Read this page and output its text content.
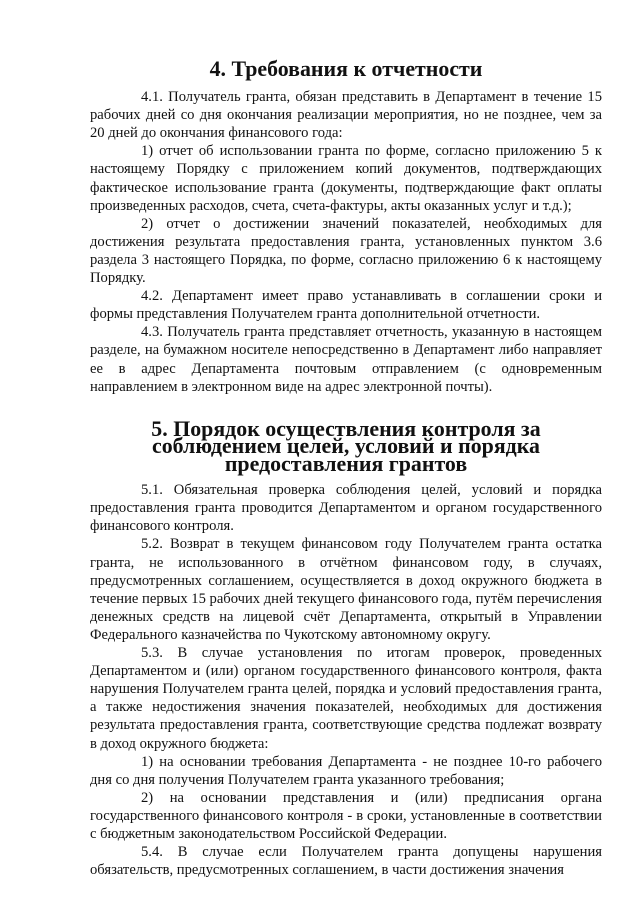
4. Требования к отчетности

4.1. Получатель гранта, обязан представить в Департамент в течение 15 рабочих дней со дня окончания реализации мероприятия, но не позднее, чем за 20 дней до окончания финансового года:

1) отчет об использовании гранта по форме, согласно приложению 5 к настоящему Порядку с приложением копий документов, подтверждающих фактическое использование гранта (документы, подтверждающие факт оплаты произведенных расходов, счета, счета-фактуры, акты оказанных услуг и т.д.);

2) отчет о достижении значений показателей, необходимых для достижения результата предоставления гранта, установленных пунктом 3.6 раздела 3 настоящего Порядка, по форме, согласно приложению 6 к настоящему Порядку.

4.2. Департамент имеет право устанавливать в соглашении сроки и формы представления Получателем гранта дополнительной отчетности.

4.3. Получатель гранта представляет отчетность, указанную в настоящем разделе, на бумажном носителе непосредственно в Департамент либо направляет ее в адрес Департамента почтовым отправлением (с одновременным направлением в электронном виде на адрес электронной почты).

5. Порядок осуществления контроля за соблюдением целей, условий и порядка предоставления грантов

5.1. Обязательная проверка соблюдения целей, условий и порядка предоставления гранта проводится Департаментом и органом государственного финансового контроля.

5.2. Возврат в текущем финансовом году Получателем гранта остатка гранта, не использованного в отчётном финансовом году, в случаях, предусмотренных соглашением, осуществляется в доход окружного бюджета в течение первых 15 рабочих дней текущего финансового года, путём перечисления денежных средств на лицевой счёт Департамента, открытый в Управлении Федерального казначейства по Чукотскому автономному округу.

5.3. В случае установления по итогам проверок, проведенных Департаментом и (или) органом государственного финансового контроля, факта нарушения Получателем гранта целей, порядка и условий предоставления гранта, а также недостижения значения показателей, необходимых для достижения результата предоставления гранта, соответствующие средства подлежат возврату в доход окружного бюджета:

1) на основании требования Департамента - не позднее 10-го рабочего дня со дня получения Получателем гранта указанного требования;

2) на основании представления и (или) предписания органа государственного финансового контроля - в сроки, установленные в соответствии с бюджетным законодательством Российской Федерации.

5.4. В случае если Получателем гранта допущены нарушения обязательств, предусмотренных соглашением, в части достижения значения
